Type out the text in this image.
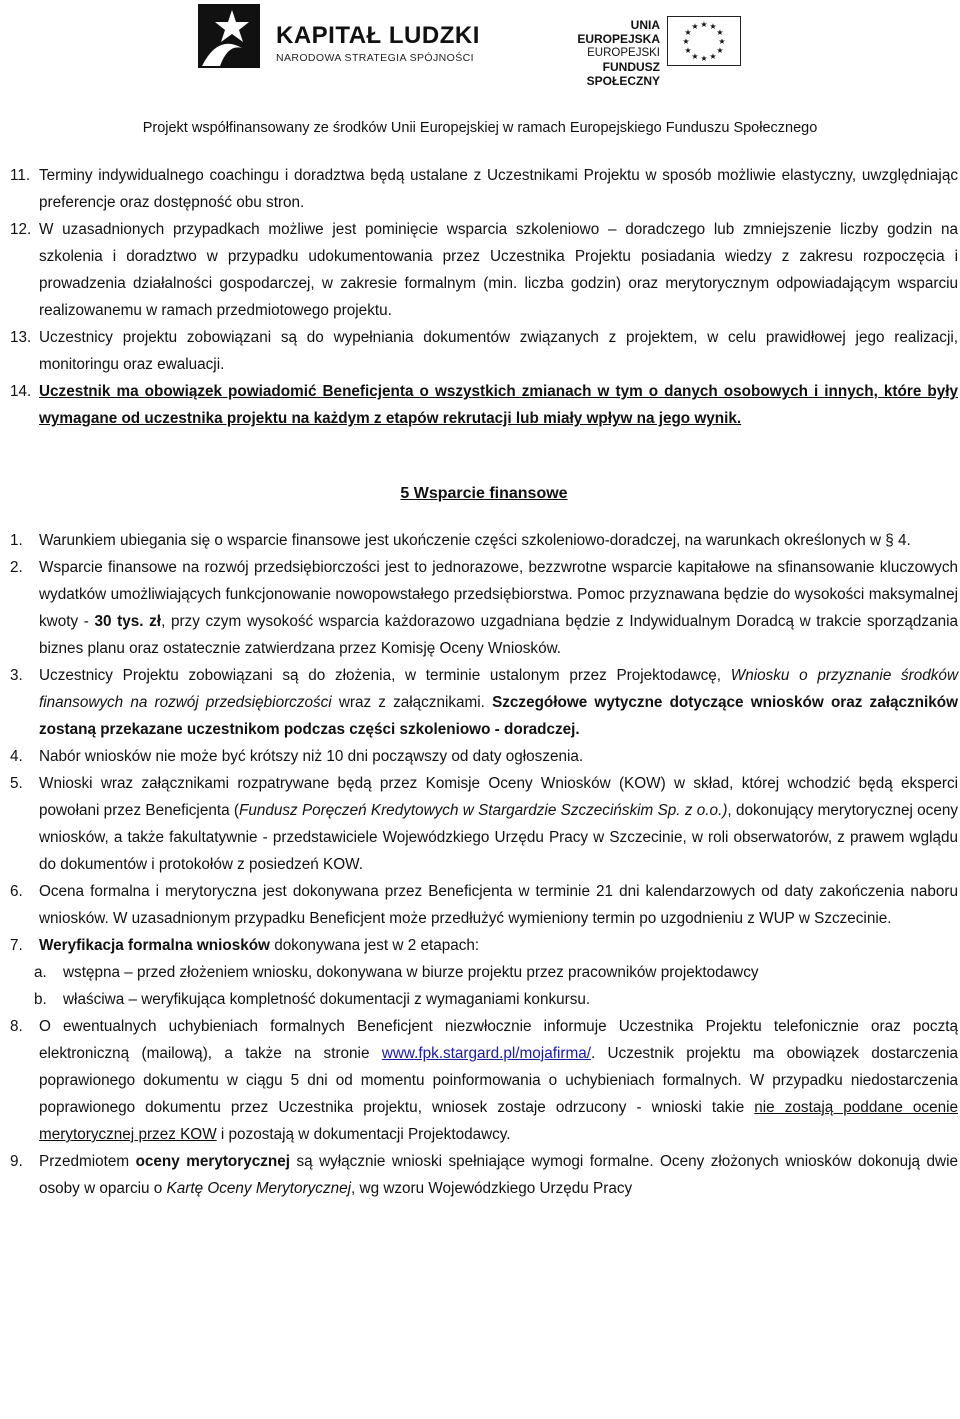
KAPITAŁ LUDZKI
NARODOWA STRATEGIA SPÓJNOŚCI
UNIA EUROPEJSKA
EUROPEJSKI
FUNDUSZ SPOŁECZNY
★ ★
★
★
★
★
★
★
★
★
★
★
Projekt współfinansowany ze środków Unii Europejskiej w ramach Europejskiego Funduszu Społecznego
11. Terminy indywidualnego coachingu i doradztwa będą ustalane z Uczestnikami Projektu w sposób możliwie elastyczny, uwzględniając preferencje oraz dostępność obu stron.
12. W uzasadnionych przypadkach możliwe jest pominięcie wsparcia szkoleniowo – doradczego lub zmniejszenie liczby godzin na szkolenia i doradztwo w przypadku udokumentowania przez Uczestnika Projektu posiadania wiedzy z zakresu rozpoczęcia i prowadzenia działalności gospodarczej, w zakresie formalnym (min. liczba godzin) oraz merytorycznym odpowiadającym wsparciu realizowanemu w ramach przedmiotowego projektu.
13. Uczestnicy projektu zobowiązani są do wypełniania dokumentów związanych z projektem, w celu prawidłowej jego realizacji, monitoringu oraz ewaluacji.
14. Uczestnik ma obowiązek powiadomić Beneficjenta o wszystkich zmianach w tym o danych osobowych i innych, które były wymagane od uczestnika projektu na każdym z etapów rekrutacji lub miały wpływ na jego wynik.
5 Wsparcie finansowe
1. Warunkiem ubiegania się o wsparcie finansowe jest ukończenie części szkoleniowo-doradczej, na warunkach określonych w § 4.
2. Wsparcie finansowe na rozwój przedsiębiorczości jest to jednorazowe, bezzwrotne wsparcie kapitałowe na sfinansowanie kluczowych wydatków umożliwiających funkcjonowanie nowopowstałego przedsiębiorstwa. Pomoc przyznawana będzie do wysokości maksymalnej kwoty - 30 tys. zł, przy czym wysokość wsparcia każdorazowo uzgadniana będzie z Indywidualnym Doradcą w trakcie sporządzania biznes planu oraz ostatecznie zatwierdzana przez Komisję Oceny Wniosków.
3. Uczestnicy Projektu zobowiązani są do złożenia, w terminie ustalonym przez Projektodawcę, Wniosku o przyznanie środków finansowych na rozwój przedsiębiorczości wraz z załącznikami. Szczegółowe wytyczne dotyczące wniosków oraz załączników zostaną przekazane uczestnikom podczas części szkoleniowo - doradczej.
4. Nabór wniosków nie może być krótszy niż 10 dni począwszy od daty ogłoszenia.
5. Wnioski wraz załącznikami rozpatrywane będą przez Komisje Oceny Wniosków (KOW) w skład, której wchodzić będą eksperci powołani przez Beneficjenta (Fundusz Poręczeń Kredytowych w Stargardzie Szczecińskim Sp. z o.o.), dokonujący merytorycznej oceny wniosków, a także fakultatywnie - przedstawiciele Wojewódzkiego Urzędu Pracy w Szczecinie, w roli obserwatorów, z prawem wglądu do dokumentów i protokołów z posiedzeń KOW.
6. Ocena formalna i merytoryczna jest dokonywana przez Beneficjenta w terminie 21 dni kalendarzowych od daty zakończenia naboru wniosków. W uzasadnionym przypadku Beneficjent może przedłużyć wymieniony termin po uzgodnieniu z WUP w Szczecinie.
7. Weryfikacja formalna wniosków dokonywana jest w 2 etapach:
a. wstępna – przed złożeniem wniosku, dokonywana w biurze projektu przez pracowników projektodawcy
b. właściwa – weryfikująca kompletność dokumentacji z wymaganiami konkursu.
8. O ewentualnych uchybieniach formalnych Beneficjent niezwłocznie informuje Uczestnika Projektu telefonicznie oraz pocztą elektroniczną (mailową), a także na stronie www.fpk.stargard.pl/mojafirma/. Uczestnik projektu ma obowiązek dostarczenia poprawionego dokumentu w ciągu 5 dni od momentu poinformowania o uchybieniach formalnych. W przypadku niedostarczenia poprawionego dokumentu przez Uczestnika projektu, wniosek zostaje odrzucony - wnioski takie nie zostają poddane ocenie merytorycznej przez KOW i pozostają w dokumentacji Projektodawcy.
9. Przedmiotem oceny merytorycznej są wyłącznie wnioski spełniające wymogi formalne. Oceny złożonych wniosków dokonują dwie osoby w oparciu o Kartę Oceny Merytorycznej, wg wzoru Wojewódzkiego Urzędu Pracy
